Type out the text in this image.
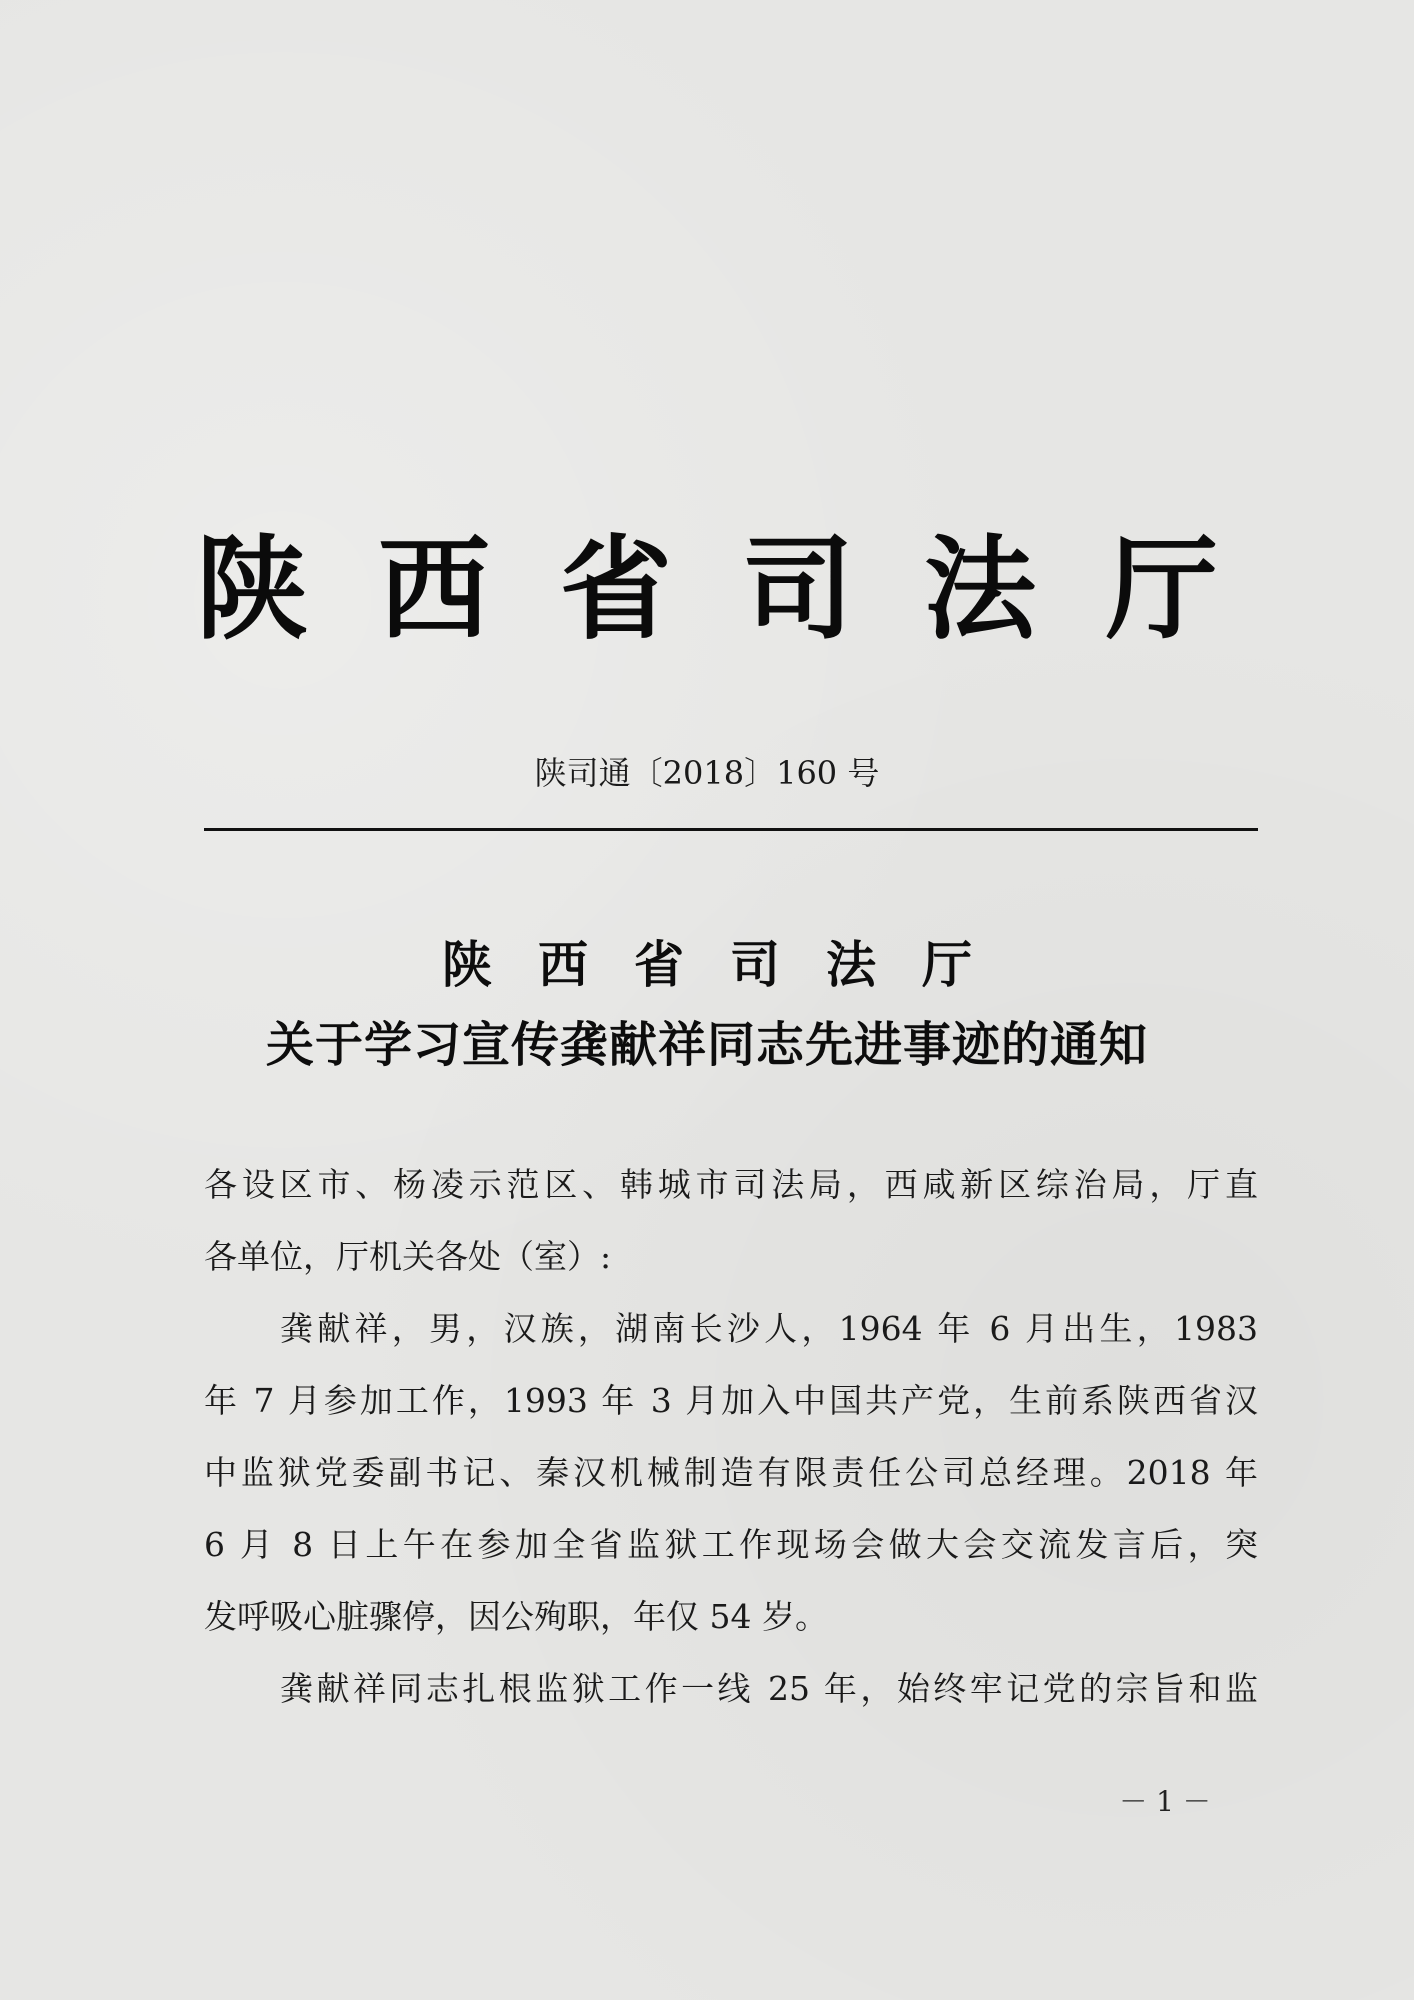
陕西省司法厅
陕司通〔2018〕160 号
陕西省司法厅
关于学习宣传龚献祥同志先进事迹的通知
各设区市、杨凌示范区、韩城市司法局，西咸新区综治局，厅直
各单位，厅机关各处（室）:
龚献祥，男，汉族，湖南长沙人，1964 年 6 月出生，1983
年 7 月参加工作，1993 年 3 月加入中国共产党，生前系陕西省汉
中监狱党委副书记、秦汉机械制造有限责任公司总经理。2018 年
6 月 8 日上午在参加全省监狱工作现场会做大会交流发言后，突
发呼吸心脏骤停，因公殉职，年仅 54 岁。
龚献祥同志扎根监狱工作一线 25 年，始终牢记党的宗旨和监
－ 1 －
